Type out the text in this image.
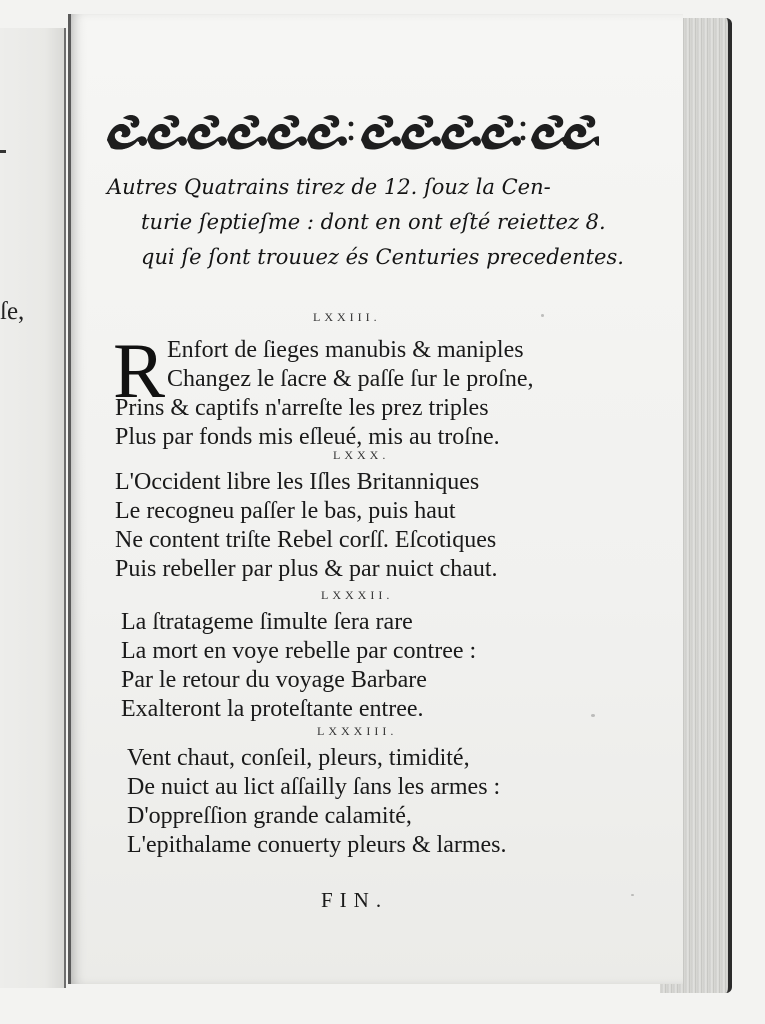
ſe,
Autres Quatrains tirez de 12. ſouz la Cen-
turie ſeptieſme : dont en ont eſté reiettez 8.
qui ſe ſont trouuez és Centuries precedentes.
LXXIII.
R Enfort de ſieges manubis & maniples
Changez le ſacre & paſſe ſur le proſne,
Prins & captifs n'arreſte les prez triples
Plus par fonds mis eſleué, mis au troſne.
LXXX.
L'Occident libre les Iſles Britanniques
Le recogneu paſſer le bas, puis haut
Ne content triſte Rebel corſſ. Eſcotiques
Puis rebeller par plus & par nuict chaut.
LXXXII.
La ſtratageme ſimulte ſera rare
La mort en voye rebelle par contree :
Par le retour du voyage Barbare
Exalteront la proteſtante entree.
LXXXIII.
Vent chaut, conſeil, pleurs, timidité,
De nuict au lict aſſailly ſans les armes :
D'oppreſſion grande calamité,
L'epithalame conuerty pleurs & larmes.
FIN.
